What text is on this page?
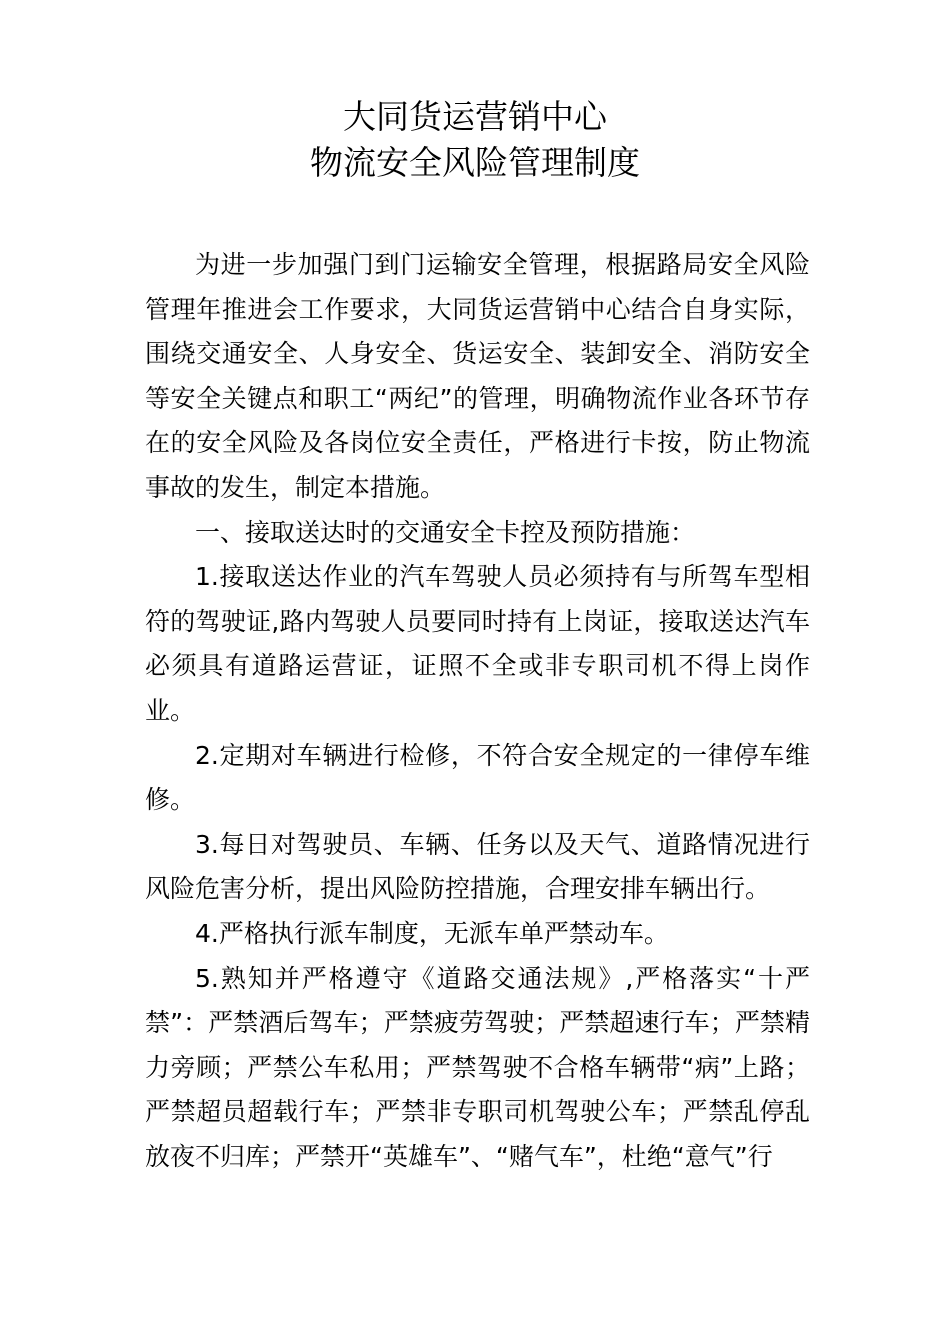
大同货运营销中心
物流安全风险管理制度

为进一步加强门到门运输安全管理，根据路局安全风险管理年推进会工作要求，大同货运营销中心结合自身实际，围绕交通安全、人身安全、货运安全、装卸安全、消防安全等安全关键点和职工“两纪”的管理，明确物流作业各环节存在的安全风险及各岗位安全责任，严格进行卡按，防止物流事故的发生，制定本措施。

一、接取送达时的交通安全卡控及预防措施：

1.接取送达作业的汽车驾驶人员必须持有与所驾车型相符的驾驶证,路内驾驶人员要同时持有上岗证，接取送达汽车必须具有道路运营证，证照不全或非专职司机不得上岗作业。

2.定期对车辆进行检修，不符合安全规定的一律停车维修。

3.每日对驾驶员、车辆、任务以及天气、道路情况进行风险危害分析，提出风险防控措施，合理安排车辆出行。

4.严格执行派车制度，无派车单严禁动车。

5.熟知并严格遵守《道路交通法规》,严格落实“十严禁”：严禁酒后驾车；严禁疲劳驾驶；严禁超速行车；严禁精力旁顾；严禁公车私用；严禁驾驶不合格车辆带“病”上路；严禁超员超载行车；严禁非专职司机驾驶公车；严禁乱停乱放夜不归库；严禁开“英雄车”、“赌气车”，杜绝“意气”行
